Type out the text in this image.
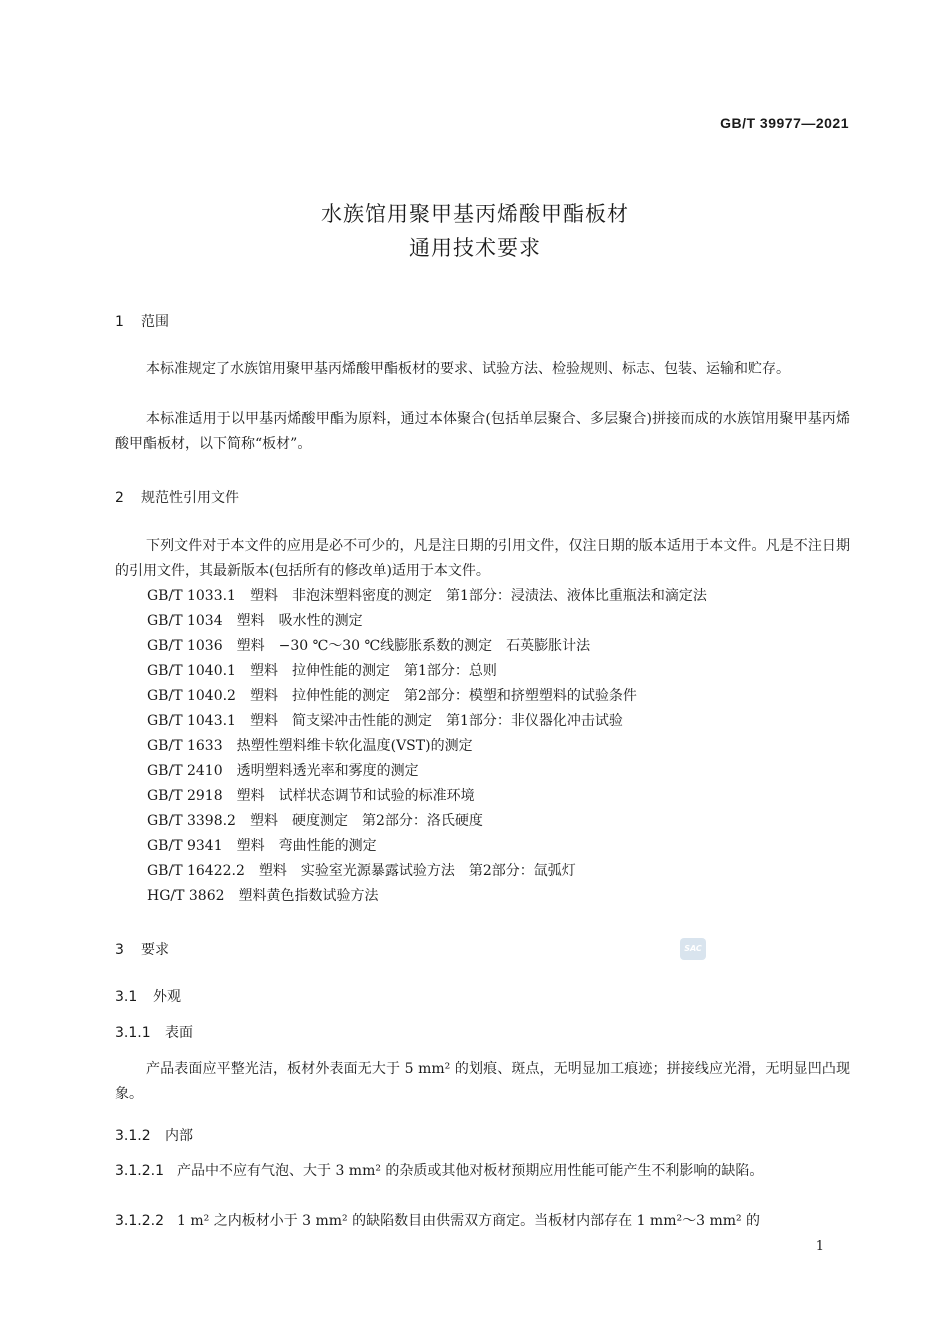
GB/T 39977—2021
水族馆用聚甲基丙烯酸甲酯板材
通用技术要求
1 范围
本标准规定了水族馆用聚甲基丙烯酸甲酯板材的要求、试验方法、检验规则、标志、包装、运输和贮存。
本标准适用于以甲基丙烯酸甲酯为原料，通过本体聚合(包括单层聚合、多层聚合)拼接而成的水族馆用聚甲基丙烯酸甲酯板材，以下简称“板材”。
2 规范性引用文件
下列文件对于本文件的应用是必不可少的，凡是注日期的引用文件，仅注日期的版本适用于本文件。凡是不注日期的引用文件，其最新版本(包括所有的修改单)适用于本文件。
GB/T 1033.1　塑料　非泡沫塑料密度的测定　第1部分：浸渍法、液体比重瓶法和滴定法
GB/T 1034　塑料　吸水性的测定
GB/T 1036　塑料　−30 ℃～30 ℃线膨胀系数的测定　石英膨胀计法
GB/T 1040.1　塑料　拉伸性能的测定　第1部分：总则
GB/T 1040.2　塑料　拉伸性能的测定　第2部分：模塑和挤塑塑料的试验条件
GB/T 1043.1　塑料　简支梁冲击性能的测定　第1部分：非仪器化冲击试验
GB/T 1633　热塑性塑料维卡软化温度(VST)的测定
GB/T 2410　透明塑料透光率和雾度的测定
GB/T 2918　塑料　试样状态调节和试验的标准环境
GB/T 3398.2　塑料　硬度测定　第2部分：洛氏硬度
GB/T 9341　塑料　弯曲性能的测定
GB/T 16422.2　塑料　实验室光源暴露试验方法　第2部分：氙弧灯
HG/T 3862　塑料黄色指数试验方法
3 要求	SAC
3.1 外观
3.1.1 表面
产品表面应平整光洁，板材外表面无大于 5 mm² 的划痕、斑点，无明显加工痕迹；拼接线应光滑，无明显凹凸现象。
3.1.2 内部
3.1.2.1 产品中不应有气泡、大于 3 mm² 的杂质或其他对板材预期应用性能可能产生不利影响的缺陷。
3.1.2.2 1 m² 之内板材小于 3 mm² 的缺陷数目由供需双方商定。当板材内部存在 1 mm²～3 mm² 的
1
